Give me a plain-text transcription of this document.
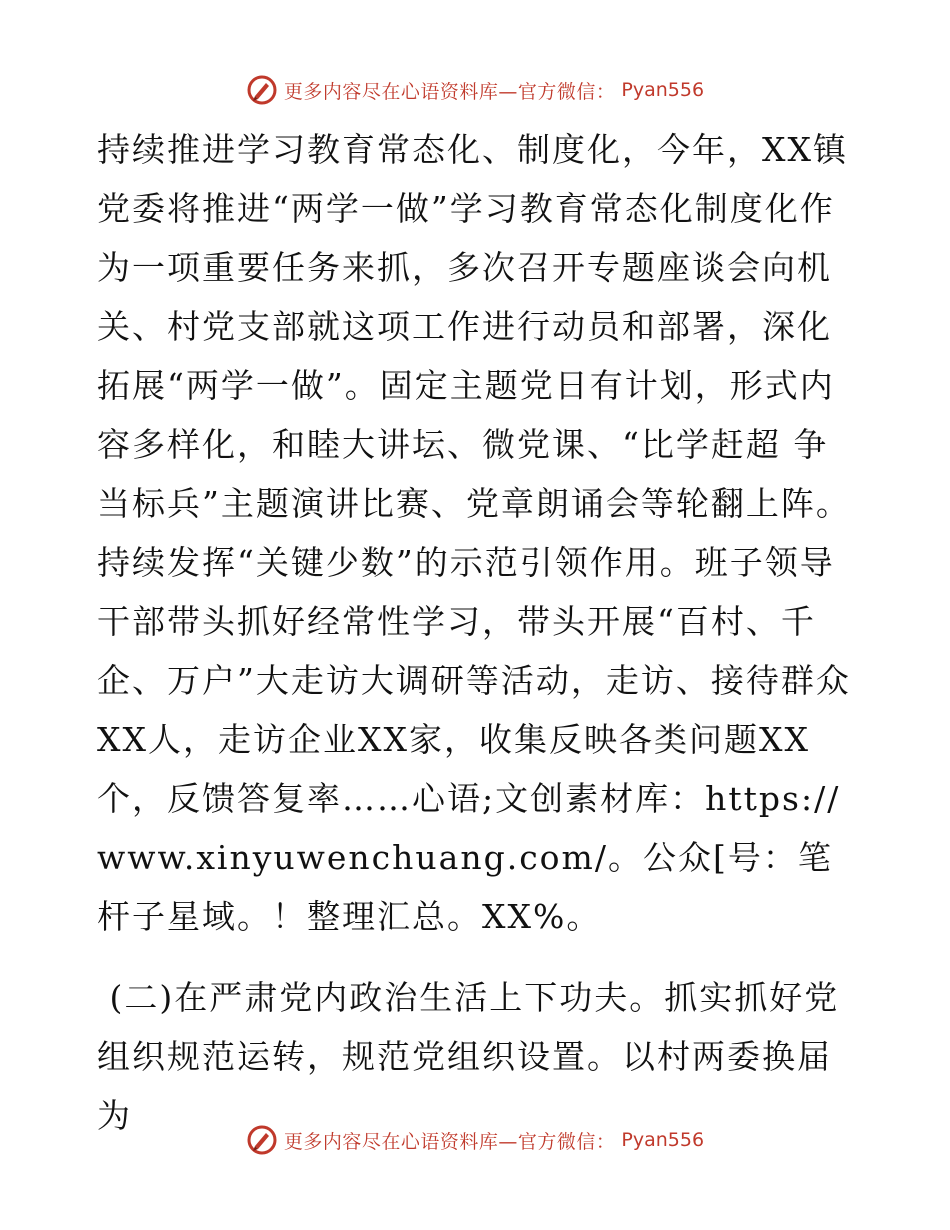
更多内容尽在心语资料库—官方微信： Pyan556

持续推进学习教育常态化、制度化，今年，XX镇党委将推进“两学一做”学习教育常态化制度化作为一项重要任务来抓，多次召开专题座谈会向机关、村党支部就这项工作进行动员和部署，深化拓展“两学一做”。固定主题党日有计划，形式内容多样化，和睦大讲坛、微党课、“比学赶超 争当标兵”主题演讲比赛、党章朗诵会等轮翻上阵。持续发挥“关键少数”的示范引领作用。班子领导干部带头抓好经常性学习，带头开展“百村、千企、万户”大走访大调研等活动，走访、接待群众XX人，走访企业XX家，收集反映各类问题XX个，反馈答复率……心语;文创素材库：https://www.xinyuwenchuang.com/。公众[号：笔杆子星域。！整理汇总。XX%。

(二)在严肃党内政治生活上下功夫。抓实抓好党组织规范运转，规范党组织设置。以村两委换届为

更多内容尽在心语资料库—官方微信： Pyan556
